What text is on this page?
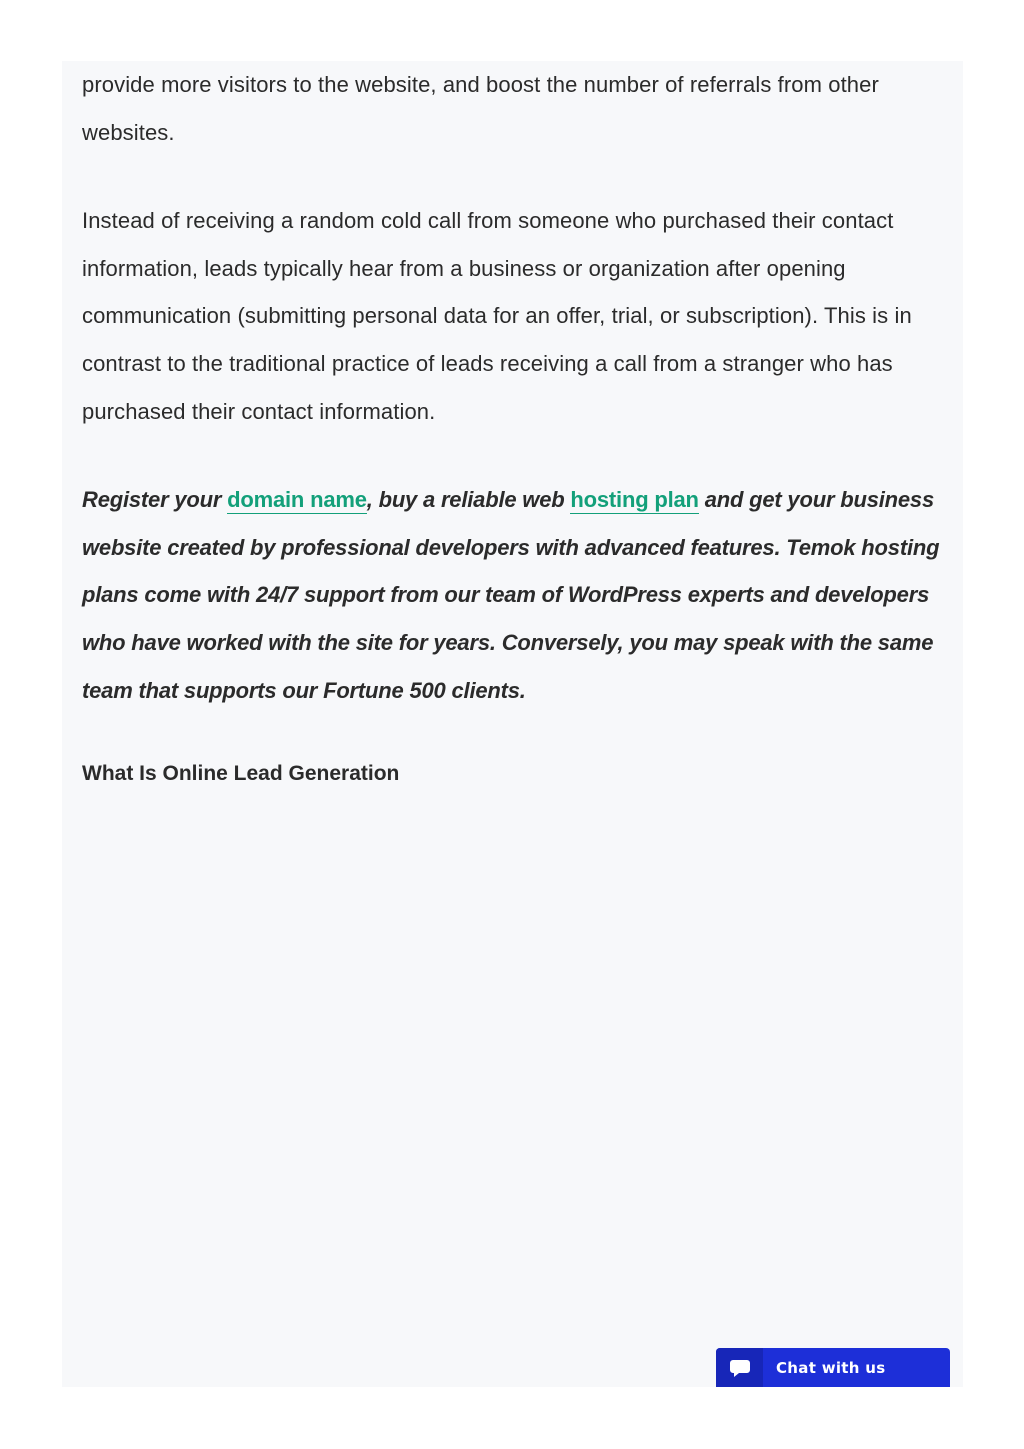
provide more visitors to the website, and boost the number of referrals from other websites.

Instead of receiving a random cold call from someone who purchased their contact information, leads typically hear from a business or organization after opening communication (submitting personal data for an offer, trial, or subscription). This is in contrast to the traditional practice of leads receiving a call from a stranger who has purchased their contact information.

Register your domain name, buy a reliable web hosting plan and get your business website created by professional developers with advanced features. Temok hosting plans come with 24/7 support from our team of WordPress experts and developers who have worked with the site for years. Conversely, you may speak with the same team that supports our Fortune 500 clients.

What Is Online Lead Generation
Chat with us
